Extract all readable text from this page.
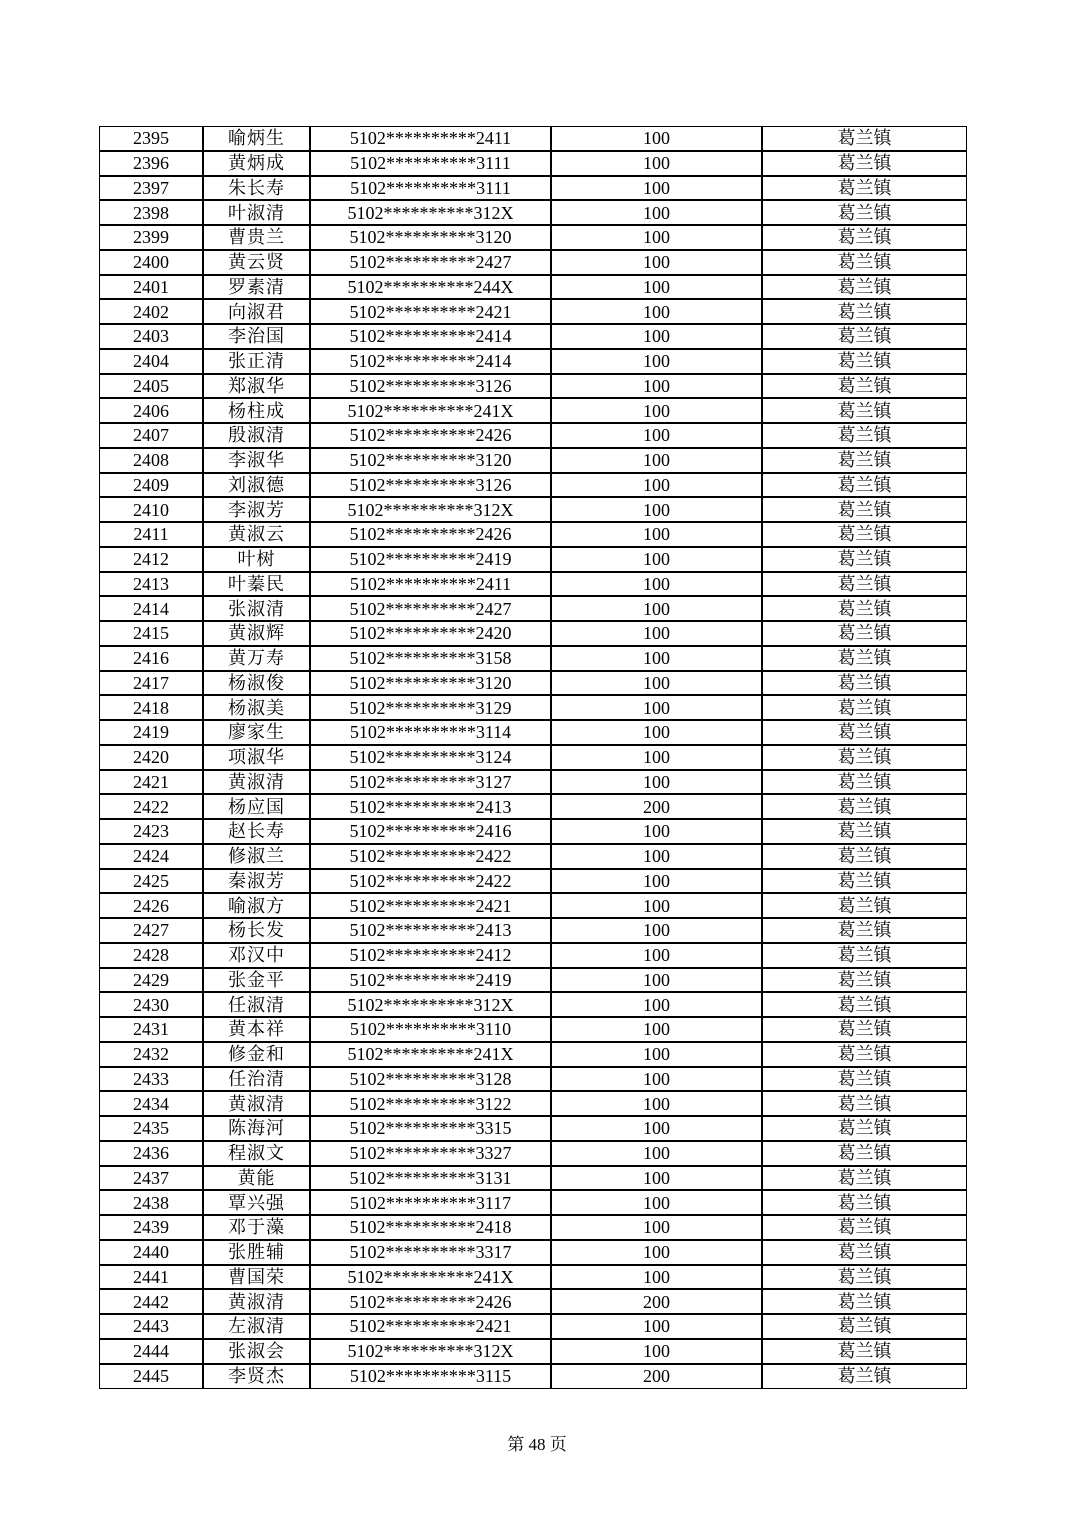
2395	喻炳生	5102**********2411	100	葛兰镇
2396	黄炳成	5102**********3111	100	葛兰镇
2397	朱长寿	5102**********3111	100	葛兰镇
2398	叶淑清	5102**********312X	100	葛兰镇
2399	曹贵兰	5102**********3120	100	葛兰镇
2400	黄云贤	5102**********2427	100	葛兰镇
2401	罗素清	5102**********244X	100	葛兰镇
2402	向淑君	5102**********2421	100	葛兰镇
2403	李治国	5102**********2414	100	葛兰镇
2404	张正清	5102**********2414	100	葛兰镇
2405	郑淑华	5102**********3126	100	葛兰镇
2406	杨柱成	5102**********241X	100	葛兰镇
2407	殷淑清	5102**********2426	100	葛兰镇
2408	李淑华	5102**********3120	100	葛兰镇
2409	刘淑德	5102**********3126	100	葛兰镇
2410	李淑芳	5102**********312X	100	葛兰镇
2411	黄淑云	5102**********2426	100	葛兰镇
2412	叶树	5102**********2419	100	葛兰镇
2413	叶蓁民	5102**********2411	100	葛兰镇
2414	张淑清	5102**********2427	100	葛兰镇
2415	黄淑辉	5102**********2420	100	葛兰镇
2416	黄万寿	5102**********3158	100	葛兰镇
2417	杨淑俊	5102**********3120	100	葛兰镇
2418	杨淑美	5102**********3129	100	葛兰镇
2419	廖家生	5102**********3114	100	葛兰镇
2420	项淑华	5102**********3124	100	葛兰镇
2421	黄淑清	5102**********3127	100	葛兰镇
2422	杨应国	5102**********2413	200	葛兰镇
2423	赵长寿	5102**********2416	100	葛兰镇
2424	修淑兰	5102**********2422	100	葛兰镇
2425	秦淑芳	5102**********2422	100	葛兰镇
2426	喻淑方	5102**********2421	100	葛兰镇
2427	杨长发	5102**********2413	100	葛兰镇
2428	邓汉中	5102**********2412	100	葛兰镇
2429	张金平	5102**********2419	100	葛兰镇
2430	任淑清	5102**********312X	100	葛兰镇
2431	黄本祥	5102**********3110	100	葛兰镇
2432	修金和	5102**********241X	100	葛兰镇
2433	任治清	5102**********3128	100	葛兰镇
2434	黄淑清	5102**********3122	100	葛兰镇
2435	陈海河	5102**********3315	100	葛兰镇
2436	程淑文	5102**********3327	100	葛兰镇
2437	黄能	5102**********3131	100	葛兰镇
2438	覃兴强	5102**********3117	100	葛兰镇
2439	邓于藻	5102**********2418	100	葛兰镇
2440	张胜辅	5102**********3317	100	葛兰镇
2441	曹国荣	5102**********241X	100	葛兰镇
2442	黄淑清	5102**********2426	200	葛兰镇
2443	左淑清	5102**********2421	100	葛兰镇
2444	张淑会	5102**********312X	100	葛兰镇
2445	李贤杰	5102**********3115	200	葛兰镇
第 48 页
